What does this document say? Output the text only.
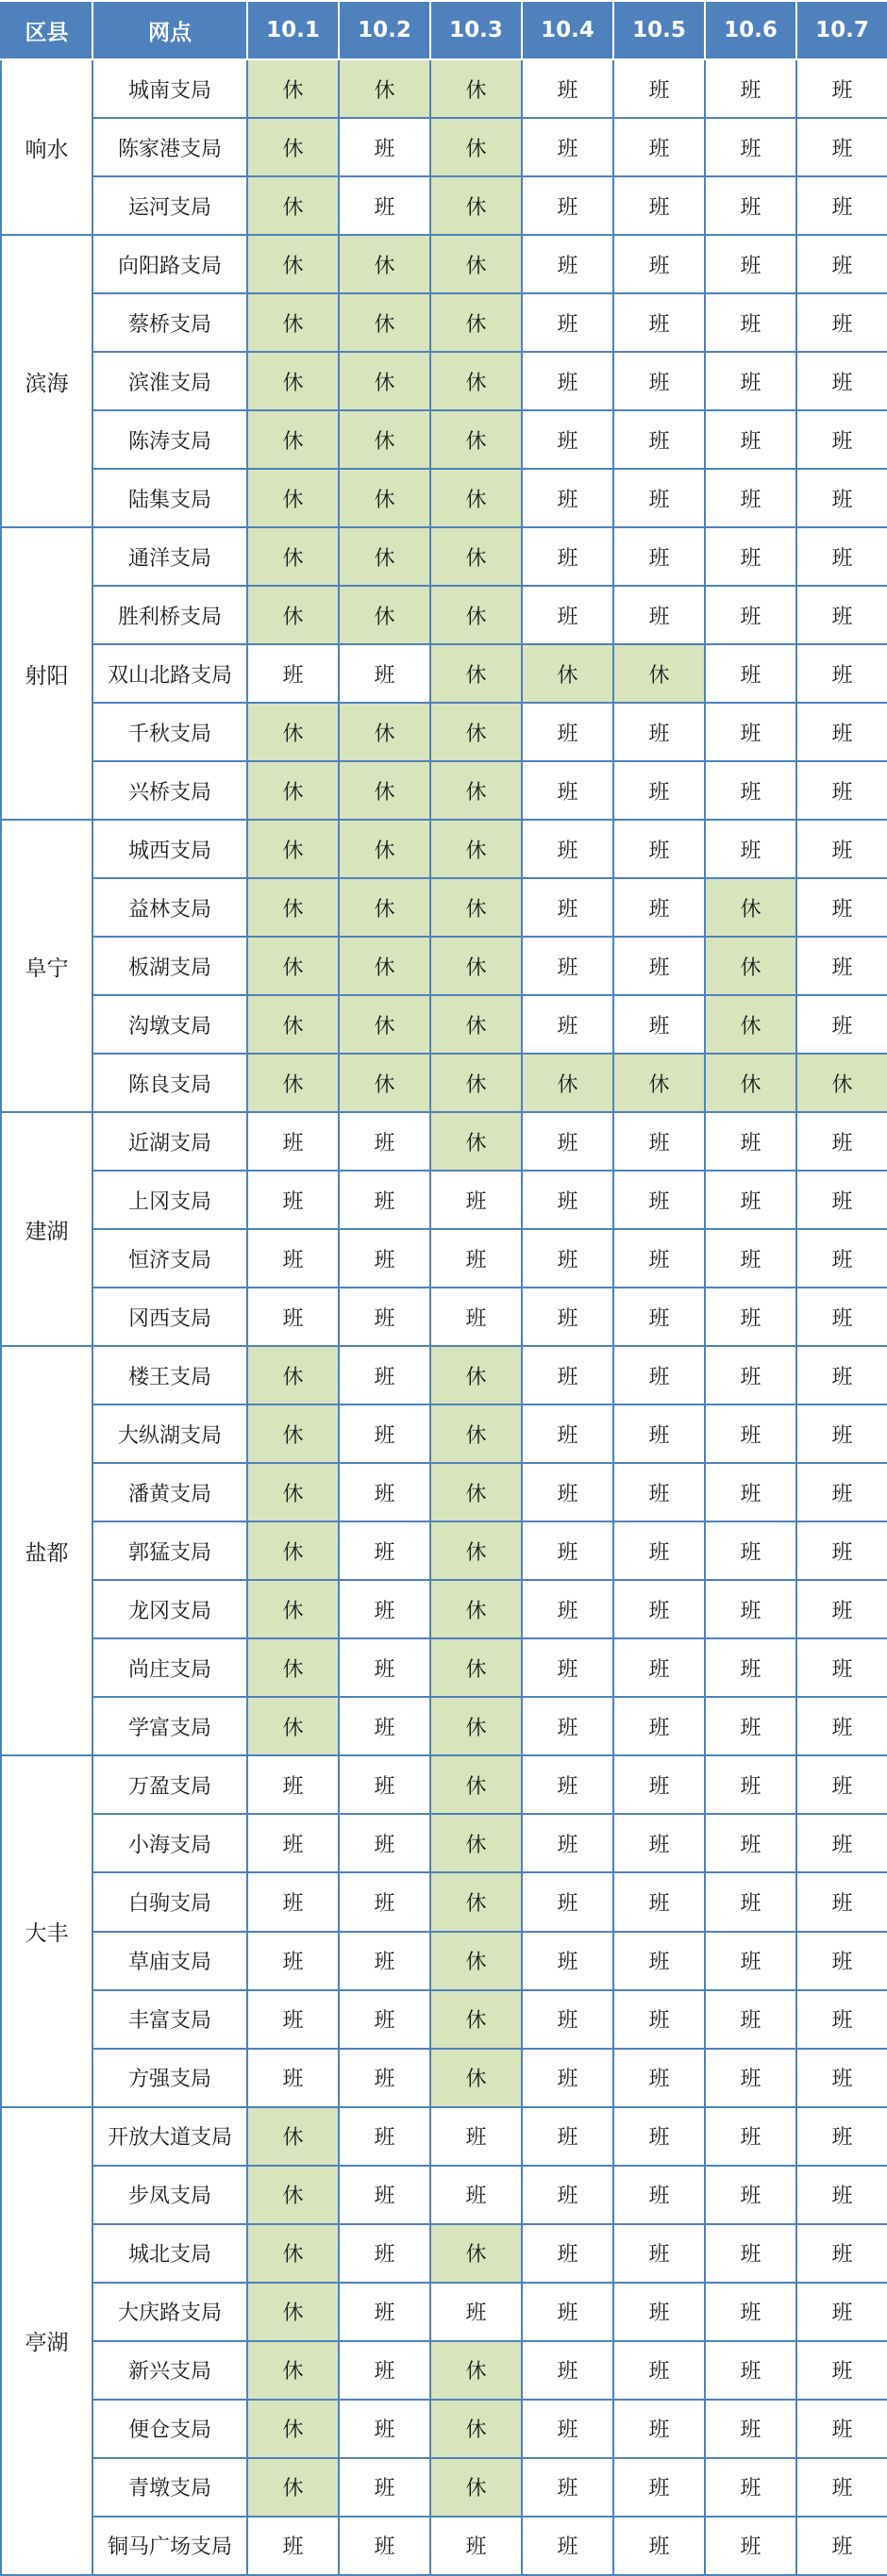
区县	网点	10.1	10.2	10.3	10.4	10.5	10.6	10.7
响水	城南支局	休	休	休	班	班	班	班
	陈家港支局	休	班	休	班	班	班	班
	运河支局	休	班	休	班	班	班	班
滨海	向阳路支局	休	休	休	班	班	班	班
	蔡桥支局	休	休	休	班	班	班	班
	滨淮支局	休	休	休	班	班	班	班
	陈涛支局	休	休	休	班	班	班	班
	陆集支局	休	休	休	班	班	班	班
射阳	通洋支局	休	休	休	班	班	班	班
	胜利桥支局	休	休	休	班	班	班	班
	双山北路支局	班	班	休	休	休	班	班
	千秋支局	休	休	休	班	班	班	班
	兴桥支局	休	休	休	班	班	班	班
阜宁	城西支局	休	休	休	班	班	班	班
	益林支局	休	休	休	班	班	休	班
	板湖支局	休	休	休	班	班	休	班
	沟墩支局	休	休	休	班	班	休	班
	陈良支局	休	休	休	休	休	休	休
建湖	近湖支局	班	班	休	班	班	班	班
	上冈支局	班	班	班	班	班	班	班
	恒济支局	班	班	班	班	班	班	班
	冈西支局	班	班	班	班	班	班	班
盐都	楼王支局	休	班	休	班	班	班	班
	大纵湖支局	休	班	休	班	班	班	班
	潘黄支局	休	班	休	班	班	班	班
	郭猛支局	休	班	休	班	班	班	班
	龙冈支局	休	班	休	班	班	班	班
	尚庄支局	休	班	休	班	班	班	班
	学富支局	休	班	休	班	班	班	班
大丰	万盈支局	班	班	休	班	班	班	班
	小海支局	班	班	休	班	班	班	班
	白驹支局	班	班	休	班	班	班	班
	草庙支局	班	班	休	班	班	班	班
	丰富支局	班	班	休	班	班	班	班
	方强支局	班	班	休	班	班	班	班
亭湖	开放大道支局	休	班	班	班	班	班	班
	步凤支局	休	班	班	班	班	班	班
	城北支局	休	班	休	班	班	班	班
	大庆路支局	休	班	班	班	班	班	班
	新兴支局	休	班	休	班	班	班	班
	便仓支局	休	班	休	班	班	班	班
	青墩支局	休	班	休	班	班	班	班
	铜马广场支局	班	班	班	班	班	班	班
